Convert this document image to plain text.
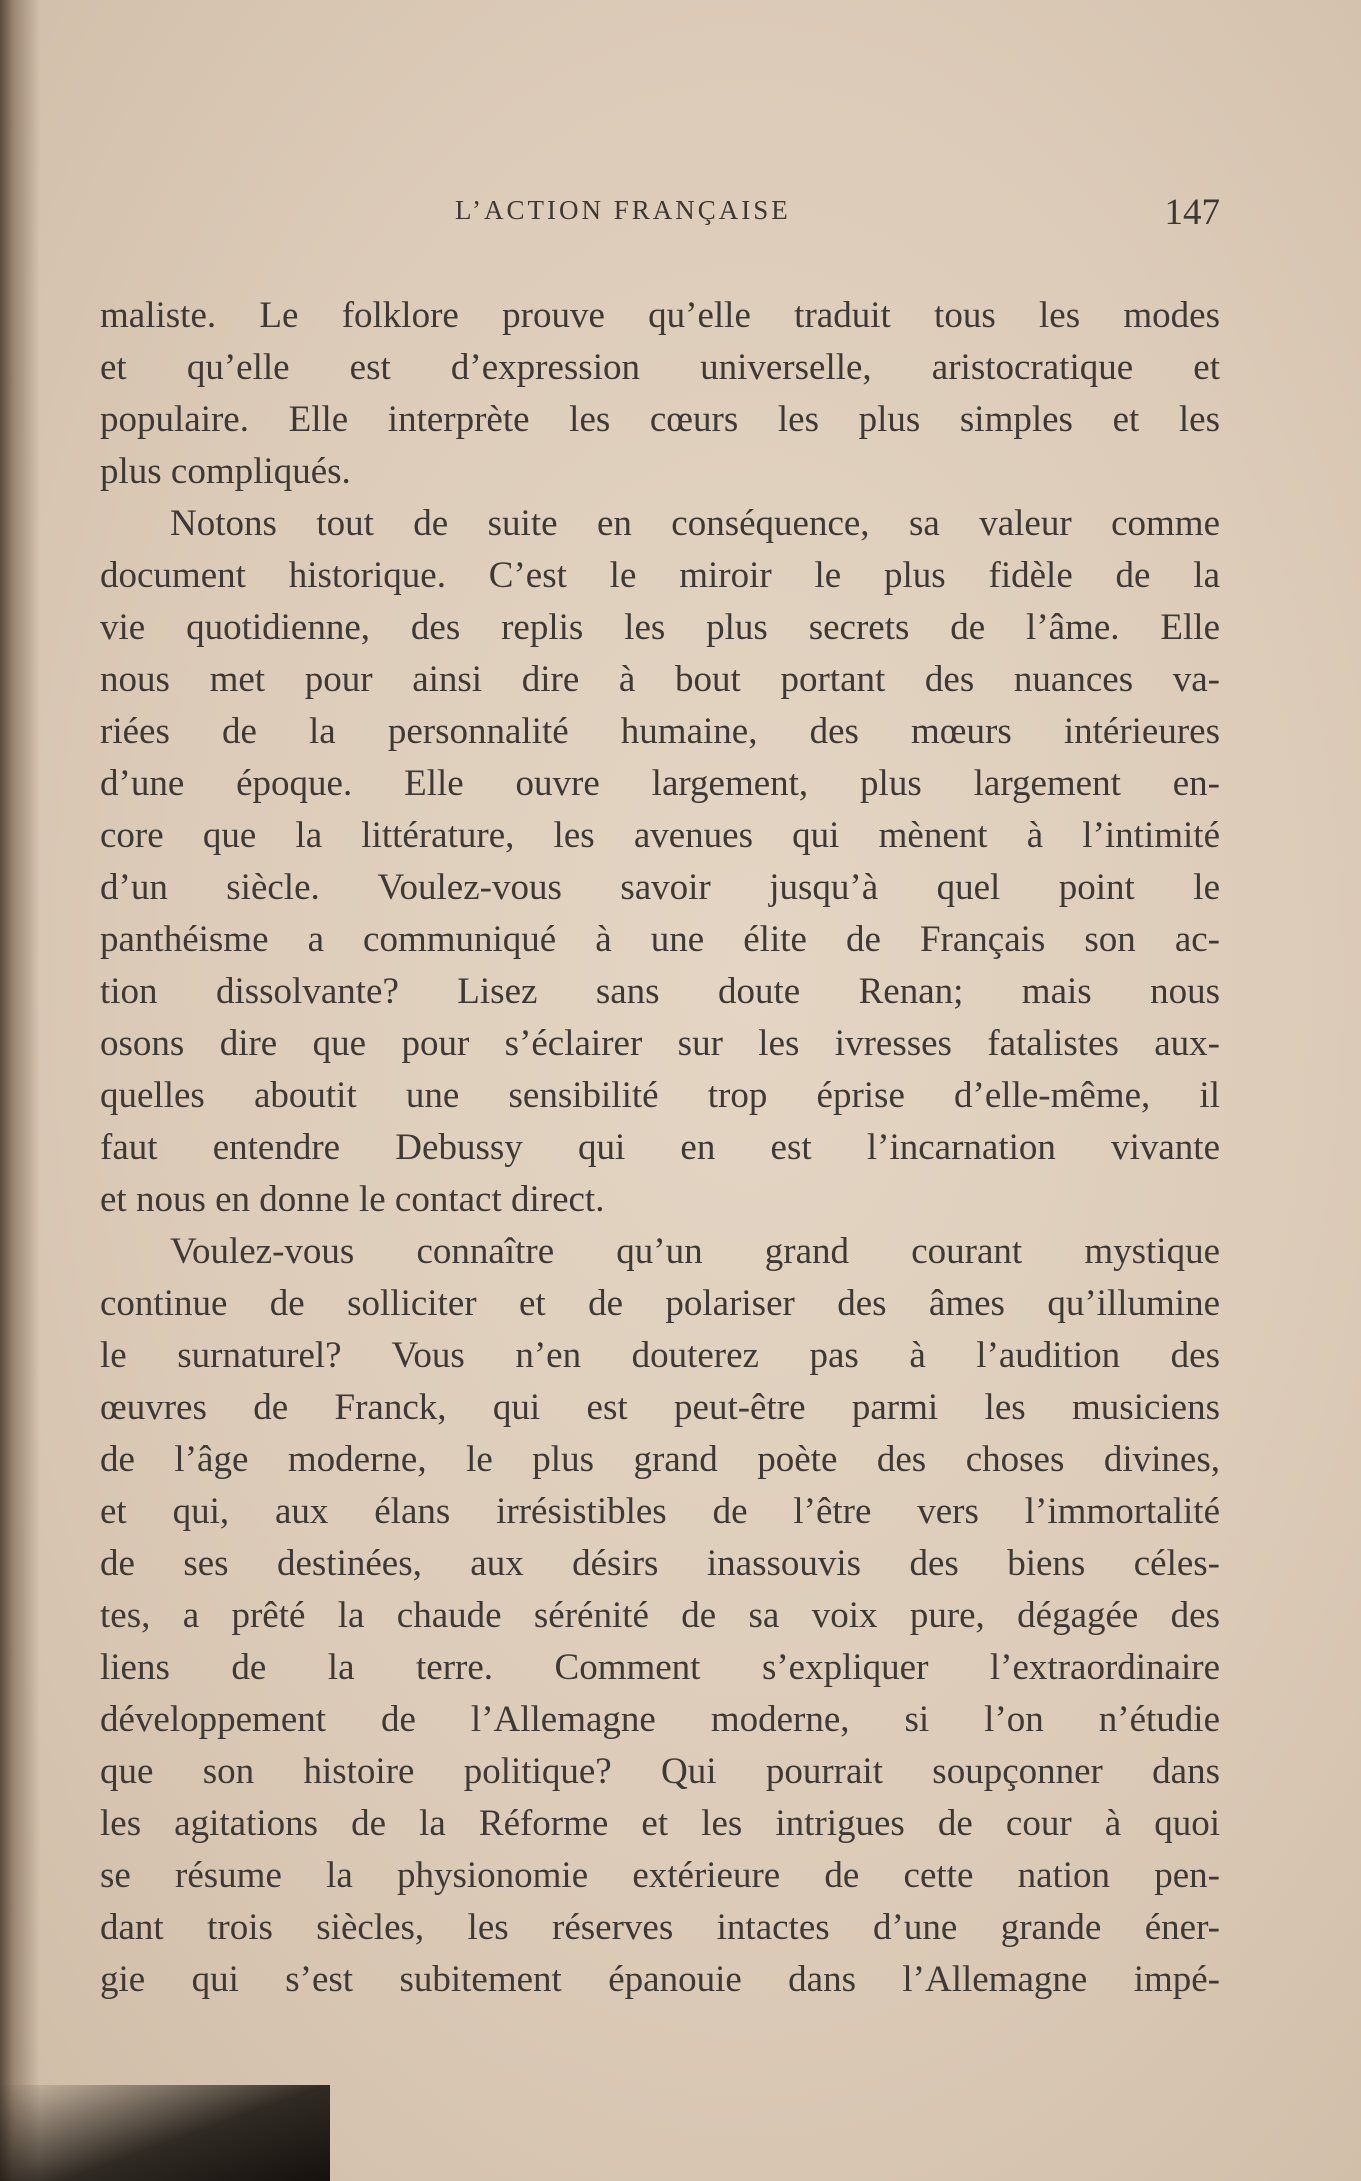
L’ACTION FRANÇAISE	147
maliste. Le folklore prouve qu’elle traduit tous les modes
et qu’elle est d’expression universelle, aristocratique et
populaire. Elle interprète les cœurs les plus simples et les
plus compliqués.
Notons tout de suite en conséquence, sa valeur comme
document historique. C’est le miroir le plus fidèle de la
vie quotidienne, des replis les plus secrets de l’âme. Elle
nous met pour ainsi dire à bout portant des nuances va-
riées de la personnalité humaine, des mœurs intérieures
d’une époque. Elle ouvre largement, plus largement en-
core que la littérature, les avenues qui mènent à l’intimité
d’un siècle. Voulez-vous savoir jusqu’à quel point le
panthéisme a communiqué à une élite de Français son ac-
tion dissolvante? Lisez sans doute Renan; mais nous
osons dire que pour s’éclairer sur les ivresses fatalistes aux-
quelles aboutit une sensibilité trop éprise d’elle-même, il
faut entendre Debussy qui en est l’incarnation vivante
et nous en donne le contact direct.
Voulez-vous connaître qu’un grand courant mystique
continue de solliciter et de polariser des âmes qu’illumine
le surnaturel? Vous n’en douterez pas à l’audition des
œuvres de Franck, qui est peut-être parmi les musiciens
de l’âge moderne, le plus grand poète des choses divines,
et qui, aux élans irrésistibles de l’être vers l’immortalité
de ses destinées, aux désirs inassouvis des biens céles-
tes, a prêté la chaude sérénité de sa voix pure, dégagée des
liens de la terre. Comment s’expliquer l’extraordinaire
développement de l’Allemagne moderne, si l’on n’étudie
que son histoire politique? Qui pourrait soupçonner dans
les agitations de la Réforme et les intrigues de cour à quoi
se résume la physionomie extérieure de cette nation pen-
dant trois siècles, les réserves intactes d’une grande éner-
gie qui s’est subitement épanouie dans l’Allemagne impé-
